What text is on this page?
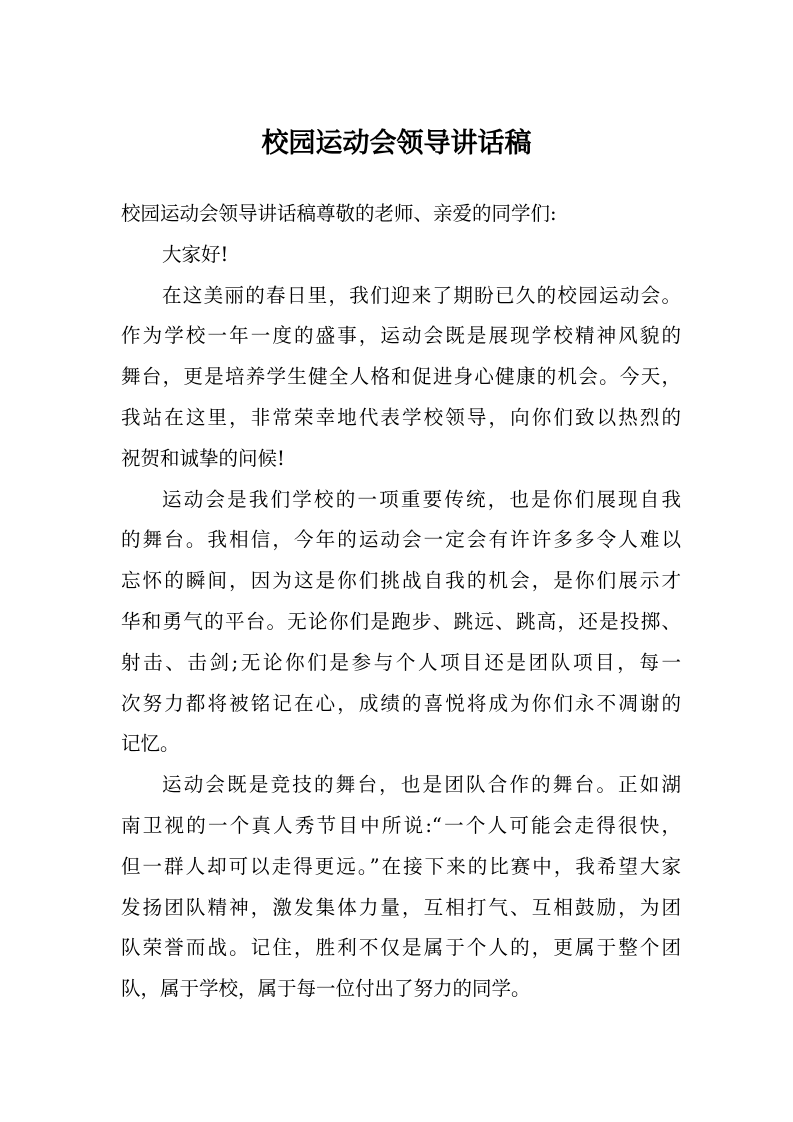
校园运动会领导讲话稿
校园运动会领导讲话稿尊敬的老师、亲爱的同学们:
大家好!
在这美丽的春日里，我们迎来了期盼已久的校园运动会。
作为学校一年一度的盛事，运动会既是展现学校精神风貌的
舞台，更是培养学生健全人格和促进身心健康的机会。今天，
我站在这里，非常荣幸地代表学校领导，向你们致以热烈的
祝贺和诚挚的问候!
运动会是我们学校的一项重要传统，也是你们展现自我
的舞台。我相信，今年的运动会一定会有许许多多令人难以
忘怀的瞬间，因为这是你们挑战自我的机会，是你们展示才
华和勇气的平台。无论你们是跑步、跳远、跳高，还是投掷、
射击、击剑;无论你们是参与个人项目还是团队项目，每一
次努力都将被铭记在心，成绩的喜悦将成为你们永不凋谢的
记忆。
运动会既是竞技的舞台，也是团队合作的舞台。正如湖
南卫视的一个真人秀节目中所说:“一个人可能会走得很快，
但一群人却可以走得更远。”在接下来的比赛中，我希望大家
发扬团队精神，激发集体力量，互相打气、互相鼓励，为团
队荣誉而战。记住，胜利不仅是属于个人的，更属于整个团
队，属于学校，属于每一位付出了努力的同学。
